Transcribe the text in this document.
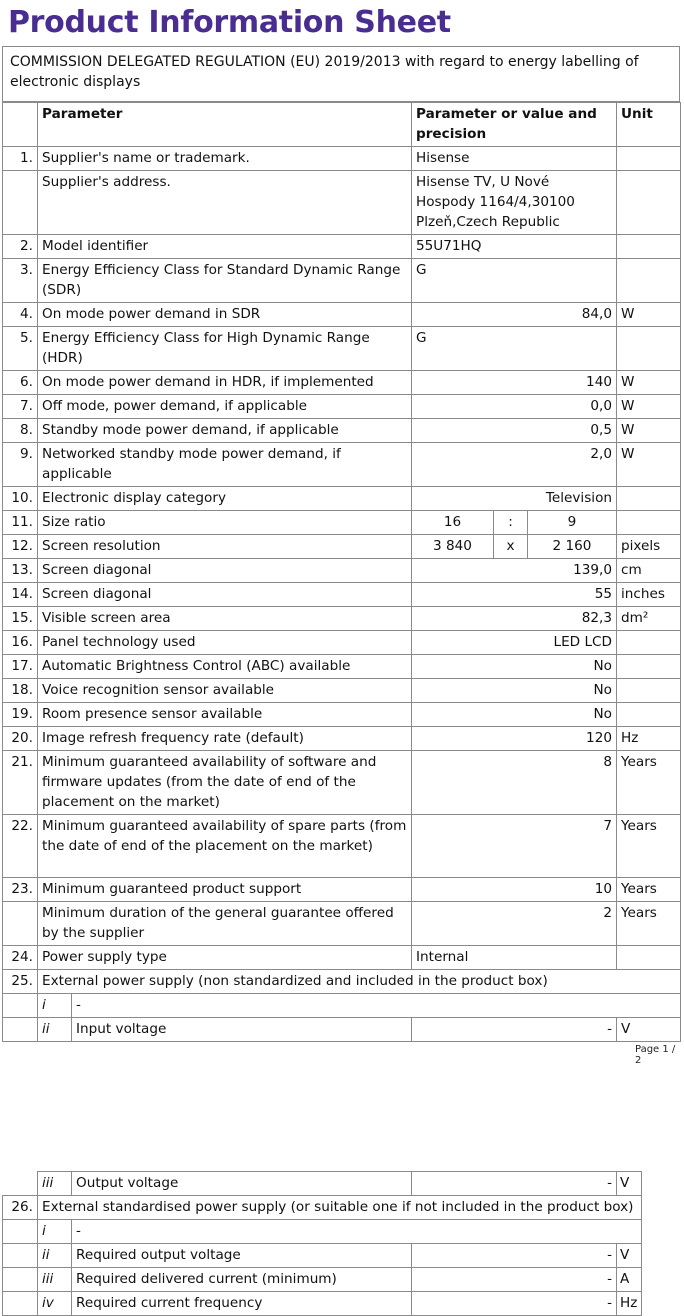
Product Information Sheet
COMMISSION DELEGATED REGULATION (EU) 2019/2013 with regard to energy labelling of electronic displays
	Parameter		Parameter or value and precision			Unit
1.	Supplier's name or trademark.		Hisense			
	Supplier's address.		Hisense TV, U Nové Hospody 1164/4,30100 Plzeň,Czech Republic			
2.	Model identifier		55U71HQ			
3.	Energy Efficiency Class for Standard Dynamic Range (SDR)		G			
4.	On mode power demand in SDR		84,0			W
5.	Energy Efficiency Class for High Dynamic Range (HDR)		G			
6.	On mode power demand in HDR, if implemented		140			W
7.	Off mode, power demand, if applicable		0,0			W
8.	Standby mode power demand, if applicable		0,5			W
9.	Networked standby mode power demand, if applicable		2,0			W
10.	Electronic display category		Television			
11.	Size ratio		16	:	9	
12.	Screen resolution		3 840	x	2 160	pixels
13.	Screen diagonal		139,0			cm
14.	Screen diagonal		55			inches
15.	Visible screen area		82,3			dm²
16.	Panel technology used		LED LCD			
17.	Automatic Brightness Control (ABC) available		No			
18.	Voice recognition sensor available		No			
19.	Room presence sensor available		No			
20.	Image refresh frequency rate (default)		120			Hz
21.	Minimum guaranteed availability of software and firmware updates (from the date of end of the placement on the market)		8			Years
22.	Minimum guaranteed availability of spare parts (from the date of end of the placement on the market)		7			Years
23.	Minimum guaranteed product support		10			Years
	Minimum duration of the general guarantee offered by the supplier		2			Years
24.	Power supply type		Internal			
25.	External power supply (non standardized and included in the product box)					
	i	-				
	ii	Input voltage	-			V
Page 1 / 2
	iii	Output voltage	-	V
26.	External standardised power supply (or suitable one if not included in the product box)			
	i	-		
	ii	Required output voltage	-	V
	iii	Required delivered current (minimum)	-	A
	iv	Required current frequency	-	Hz
